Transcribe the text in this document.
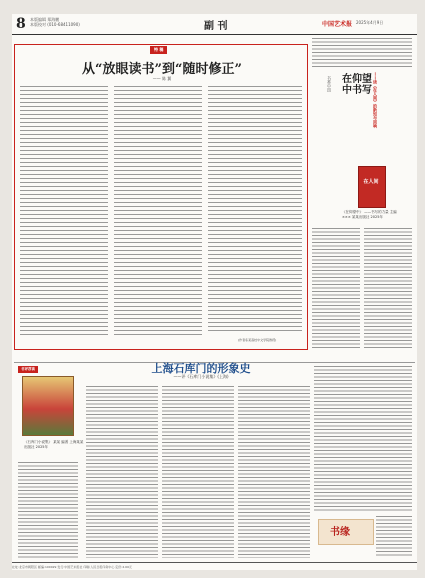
8 本版编辑 郑海鹏
本版校对 (010-68411090)	副 刊	中国艺术报 2025年4月9日
特 稿
从“放眼读书”到“随时修正”
—— 陈 翼
(作者系某高校中文学院教授)
书香中国 在仰望中书写 ——读《在人间》的新知与回响
在人间
《在仰望中》 ——书写的力量 主编 ××× 某某出版社 2025年
上海石库门的形象史
——评《石库门小说集》(上海)
书评荐读
《石库门小说集》 某某 编著 上海某某出版社 2025年
书缘
社址:北京市朝阳区 邮编:100029 发行:中国艺术报社 印刷:人民日报印务中心 定价:2.00元
